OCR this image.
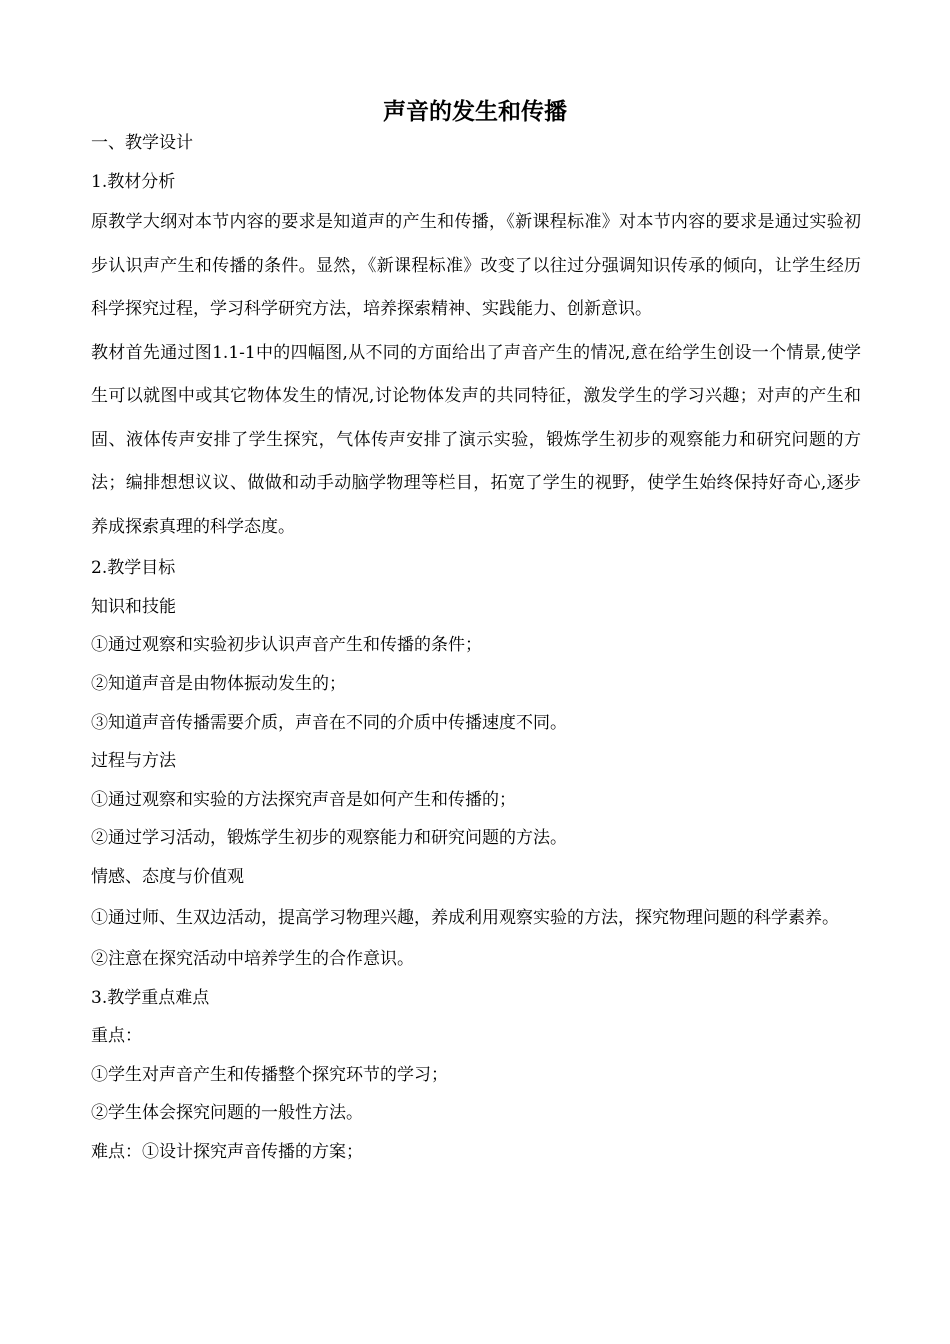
声音的发生和传播
一、教学设计
1.教材分析
原教学大纲对本节内容的要求是知道声的产生和传播，《新课程标准》对本节内容的要求是通过实验初步认识声产生和传播的条件。显然，《新课程标准》改变了以往过分强调知识传承的倾向，让学生经历科学探究过程，学习科学研究方法，培养探索精神、实践能力、创新意识。
教材首先通过图1.1-1中的四幅图,从不同的方面给出了声音产生的情况,意在给学生创设一个情景,使学生可以就图中或其它物体发生的情况,讨论物体发声的共同特征，激发学生的学习兴趣；对声的产生和固、液体传声安排了学生探究，气体传声安排了演示实验，锻炼学生初步的观察能力和研究问题的方法；编排想想议议、做做和动手动脑学物理等栏目，拓宽了学生的视野，使学生始终保持好奇心,逐步养成探索真理的科学态度。
2.教学目标
知识和技能
①通过观察和实验初步认识声音产生和传播的条件；
②知道声音是由物体振动发生的；
③知道声音传播需要介质，声音在不同的介质中传播速度不同。
过程与方法
①通过观察和实验的方法探究声音是如何产生和传播的；
②通过学习活动，锻炼学生初步的观察能力和研究问题的方法。
情感、态度与价值观
①通过师、生双边活动，提高学习物理兴趣，养成利用观察实验的方法，探究物理问题的科学素养。
②注意在探究活动中培养学生的合作意识。
3.教学重点难点
重点：
①学生对声音产生和传播整个探究环节的学习；
②学生体会探究问题的一般性方法。
难点：①设计探究声音传播的方案；
